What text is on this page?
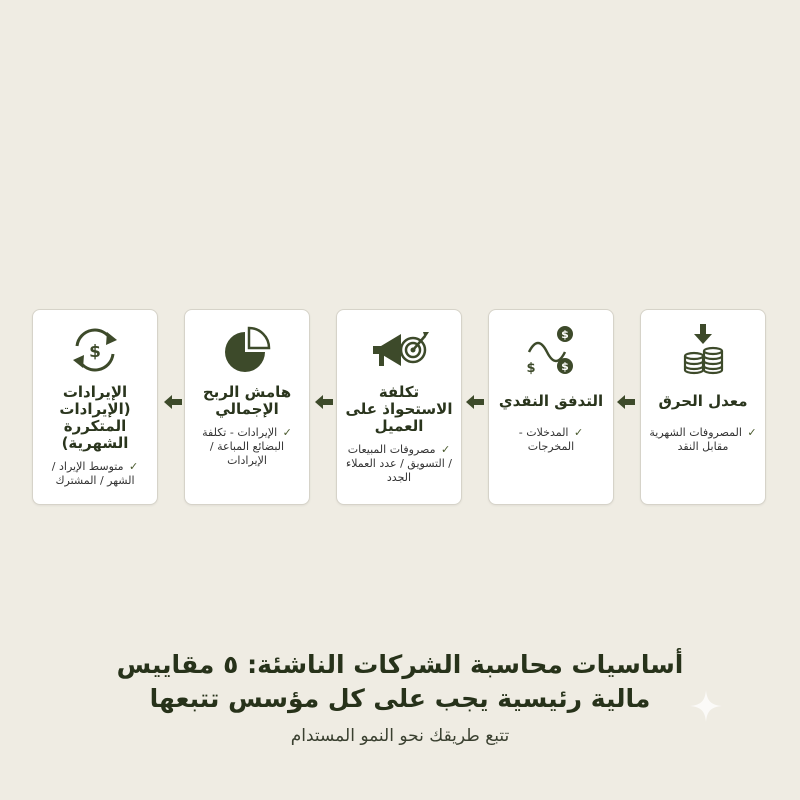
معدل الحرق
✓ المصروفات الشهرية مقابل النقد
$
$
$
التدفق النقدي
✓ المدخلات - المخرجات
تكلفة الاستحواذ على العميل
✓ مصروفات المبيعات / التسويق / عدد العملاء الجدد
هامش الربح الإجمالي
✓ الإيرادات - تكلفة البضائع المباعة / الإيرادات
$
الإيرادات (الإيرادات المتكررة الشهرية)
✓ متوسط الإيراد / الشهر / المشترك
أساسيات محاسبة الشركات الناشئة: ٥ مقاييس
مالية رئيسية يجب على كل مؤسس تتبعها
تتبع طريقك نحو النمو المستدام
